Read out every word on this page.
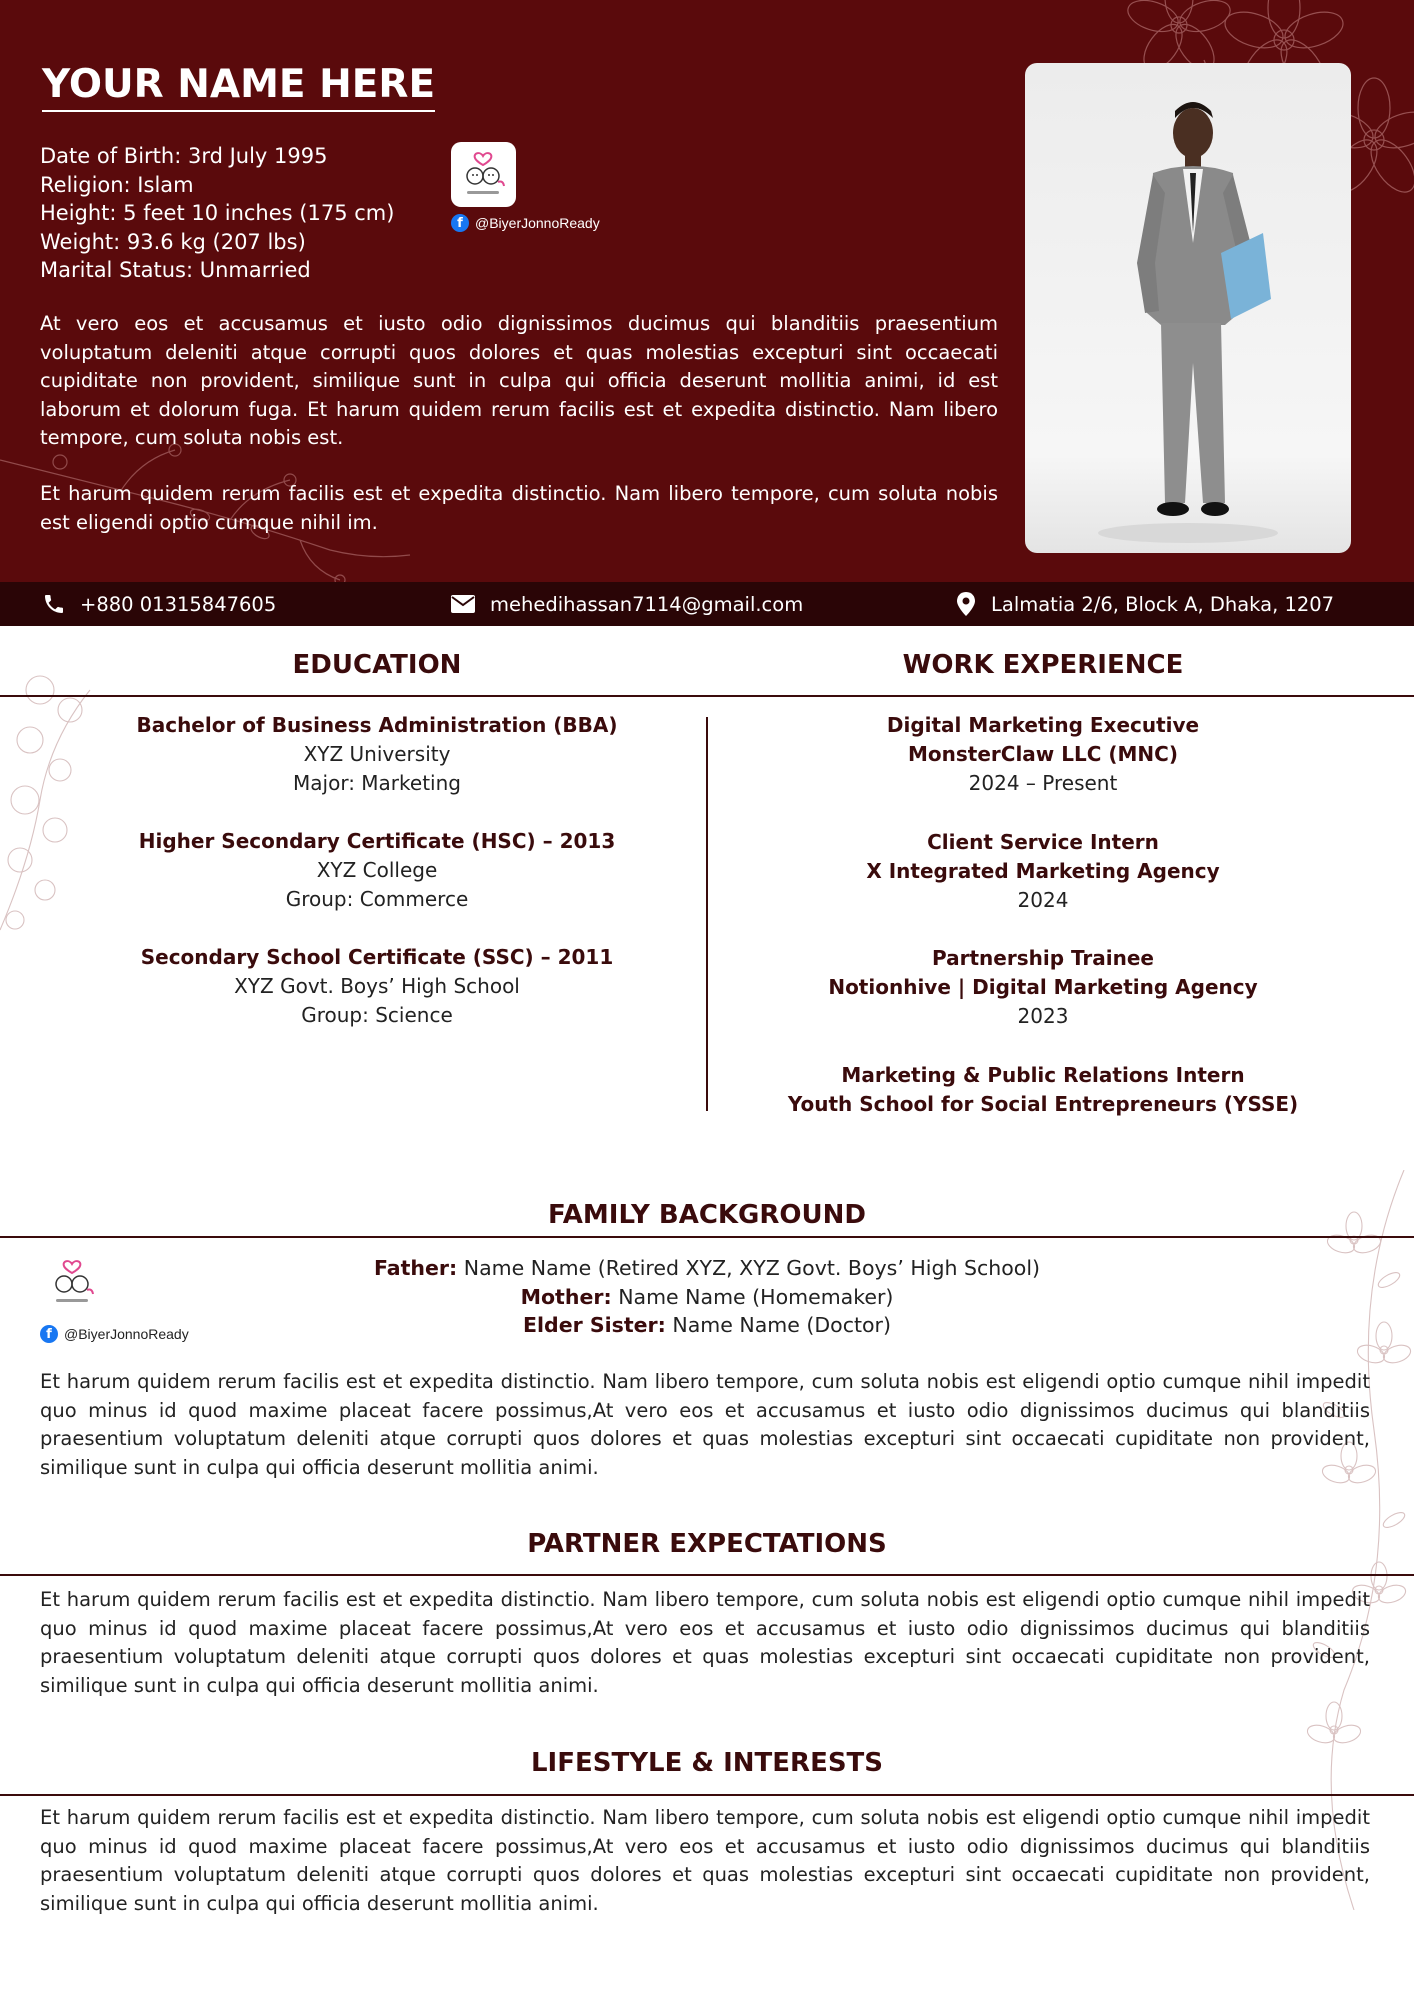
YOUR NAME HERE
Date of Birth: 3rd July 1995
Religion: Islam
Height: 5 feet 10 inches (175 cm)
Weight: 93.6 kg (207 lbs)
Marital Status: Unmarried
f @BiyerJonnoReady

At vero eos et accusamus et iusto odio dignissimos ducimus qui blanditiis praesentium voluptatum deleniti atque corrupti quos dolores et quas molestias excepturi sint occaecati cupiditate non provident, similique sunt in culpa qui officia deserunt mollitia animi, id est laborum et dolorum fuga. Et harum quidem rerum facilis est et expedita distinctio. Nam libero tempore, cum soluta nobis est.

Et harum quidem rerum facilis est et expedita distinctio. Nam libero tempore, cum soluta nobis est eligendi optio cumque nihil im.

+880 01315847605	mehedihassan7114@gmail.com	Lalmatia 2/6, Block A, Dhaka, 1207
EDUCATION	WORK EXPERIENCE
Bachelor of Business Administration (BBA)
XYZ University
Major: Marketing
Higher Secondary Certificate (HSC) – 2013
XYZ College
Group: Commerce
Secondary School Certificate (SSC) – 2011
XYZ Govt. Boys’ High School
Group: Science
Digital Marketing Executive
MonsterClaw LLC (MNC)
2024 – Present
Client Service Intern
X Integrated Marketing Agency
2024
Partnership Trainee
Notionhive | Digital Marketing Agency
2023
Marketing & Public Relations Intern
Youth School for Social Entrepreneurs (YSSE)
FAMILY BACKGROUND
f @BiyerJonnoReady
Father: Name Name (Retired XYZ, XYZ Govt. Boys’ High School)
Mother: Name Name (Homemaker)
Elder Sister: Name Name (Doctor)

Et harum quidem rerum facilis est et expedita distinctio. Nam libero tempore, cum soluta nobis est eligendi optio cumque nihil impedit quo minus id quod maxime placeat facere possimus,At vero eos et accusamus et iusto odio dignissimos ducimus qui blanditiis praesentium voluptatum deleniti atque corrupti quos dolores et quas molestias excepturi sint occaecati cupiditate non provident, similique sunt in culpa qui officia deserunt mollitia animi.

PARTNER EXPECTATIONS

Et harum quidem rerum facilis est et expedita distinctio. Nam libero tempore, cum soluta nobis est eligendi optio cumque nihil impedit quo minus id quod maxime placeat facere possimus,At vero eos et accusamus et iusto odio dignissimos ducimus qui blanditiis praesentium voluptatum deleniti atque corrupti quos dolores et quas molestias excepturi sint occaecati cupiditate non provident, similique sunt in culpa qui officia deserunt mollitia animi.

LIFESTYLE & INTERESTS

Et harum quidem rerum facilis est et expedita distinctio. Nam libero tempore, cum soluta nobis est eligendi optio cumque nihil impedit quo minus id quod maxime placeat facere possimus,At vero eos et accusamus et iusto odio dignissimos ducimus qui blanditiis praesentium voluptatum deleniti atque corrupti quos dolores et quas molestias excepturi sint occaecati cupiditate non provident, similique sunt in culpa qui officia deserunt mollitia animi.
